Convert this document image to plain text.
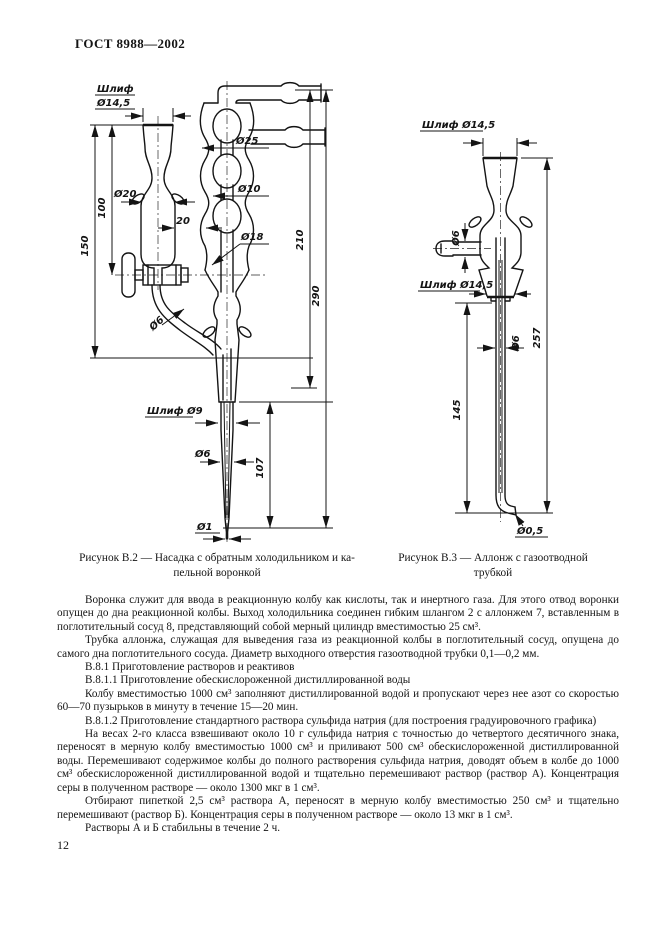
ГОСТ 8988—2002
Шлиф
Ø14,5
150
100
Ø20
20
Ø25
Ø10
Ø18	210
290
Ø6
Шлиф Ø9
Ø6
107
Ø1
Шлиф Ø14,5
Ø6
Шлиф Ø14,5
Ø6 257
145
Ø0,5
Рисунок В.2 — Насадка с обратным холодильником и ка-
пельной воронкой
Рисунок В.3 — Аллонж с газоотводной
трубкой

Воронка служит для ввода в реакционную колбу как кислоты, так и инертного газа. Для этого отвод воронки опущен до дна реакционной колбы. Выход холодильника соединен гибким шлангом 2 с аллонжем 7, вставленным в поглотительный сосуд 8, представляющий собой мерный цилиндр вместимостью 25 см³.

Трубка аллонжа, служащая для выведения газа из реакционной колбы в поглотительный сосуд, опущена до самого дна поглотительного сосуда. Диаметр выходного отверстия газоотводной трубки 0,1—0,2 мм.

В.8.1 Приготовление растворов и реактивов

В.8.1.1 Приготовление обескислороженной дистиллированной воды

Колбу вместимостью 1000 см³ заполняют дистиллированной водой и пропускают через нее азот со скоростью 60—70 пузырьков в минуту в течение 15—20 мин.

В.8.1.2 Приготовление стандартного раствора сульфида натрия (для построения градуировочного графика)

На весах 2-го класса взвешивают около 10 г сульфида натрия с точностью до четвертого десятичного знака, переносят в мерную колбу вместимостью 1000 см³ и приливают 500 см³ обескислороженной дистиллированной воды. Перемешивают содержимое колбы до полного растворения сульфида натрия, доводят объем в колбе до 1000 см³ обескислороженной дистиллированной водой и тщательно перемешивают раствор (раствор А). Концентрация серы в полученном растворе — около 1300 мкг в 1 см³.

Отбирают пипеткой 2,5 см³ раствора А, переносят в мерную колбу вместимостью 250 см³ и тщательно перемешивают (раствор Б). Концентрация серы в полученном растворе — около 13 мкг в 1 см³.

Растворы А и Б стабильны в течение 2 ч.

12
